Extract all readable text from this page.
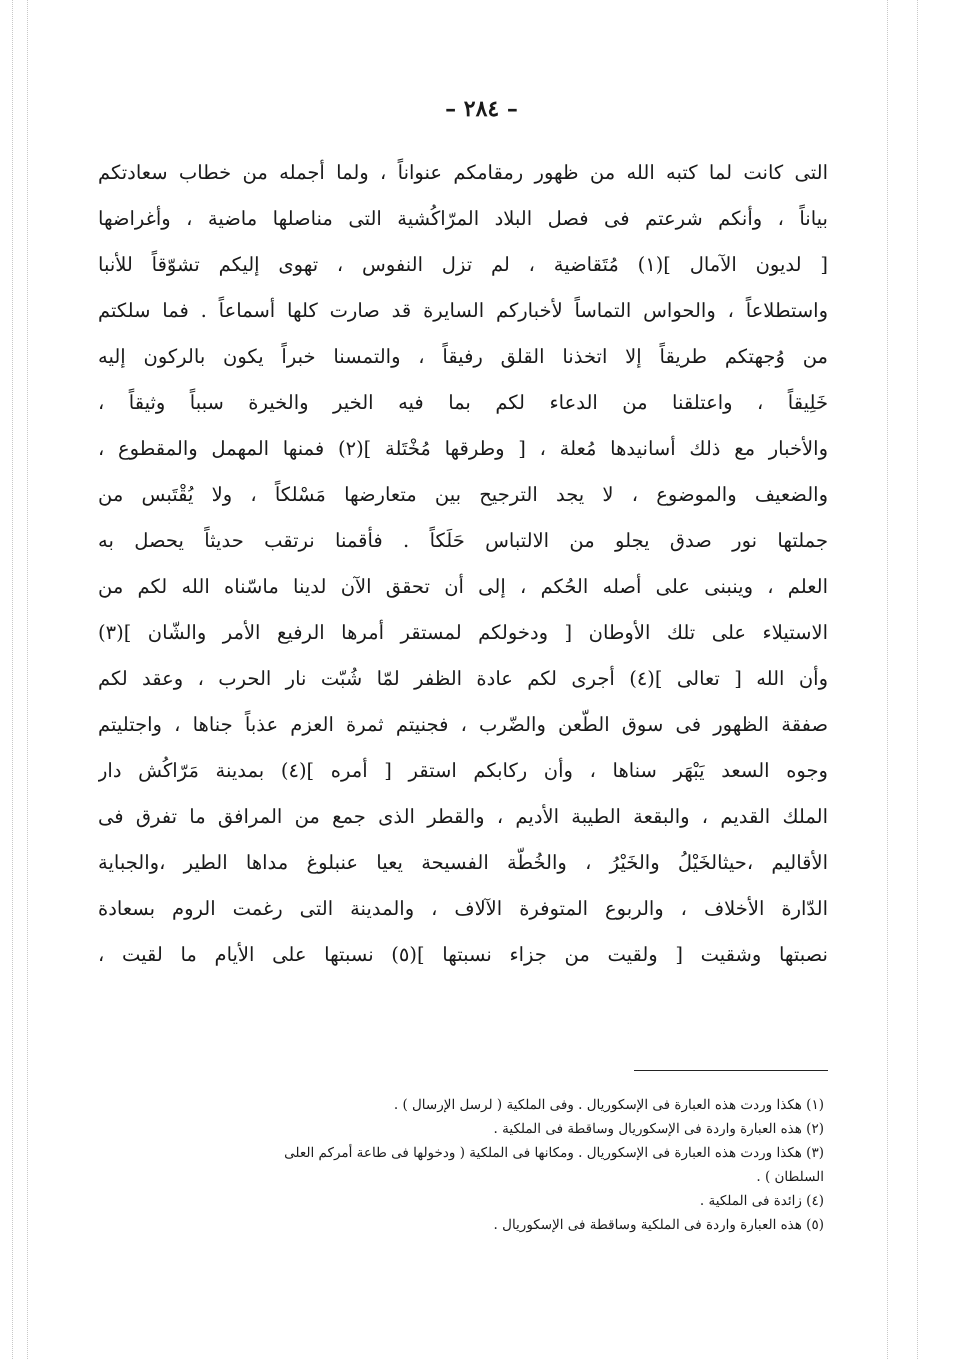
– ٢٨٤ –
التى كانت لما كتبه الله من ظهور رمقامكم عنواناً ، ولما أجمله من خطاب سعادتكم
بياناً ، وأنكم شرعتم فى فصل البلاد المرّاكُشية التى مناصلها ماضية ، وأغراضها
[ لديون الآمال ](١) مُتَقاضية ، لم تزل النفوس ، تهوى إليكم تشوّقاً للأنبا
واستطلاعاً ، والحواس التماساً لأخباركم السايرة قد صارت كلها أسماعاً . فما سلكتم
من وُجهتكم طريقاً إلا اتخذنا القلق رفيقاً ، والتمسنا خبراً يكون بالركون إليه
خَلِيقاً ، واعتلقنا من الدعاء لكم بما فيه الخير والخيرة سبباً وثيقاً ،
والأخبار مع ذلك أسانيدها مُعلة ، [ وطرقها مُخْتَلة ](٢) فمنها المهمل والمقطوع ،
والضعيف والموضوع ، لا يجد الترجيح بين متعارضها مَسْلكاً ، ولا يُقْتَبس من
جملتها نور صدق يجلو من الالتباس حَلَكاً . فأقمنا نرتقب حديثاً يحصل به
العلم ، وينبنى على أصله الحُكم ، إلى أن تحقق الآن لدينا ماسّناه الله لكم من
الاستيلاء على تلك الأوطان [ ودخولكم لمستقر أمرها الرفيع الأمر والشّان ](٣)
وأن الله [ تعالى ](٤) أجرى لكم عادة الظفر لمّا شُبّت نار الحرب ، وعقد لكم
صفقة الظهور فى سوق الطّعن والضّرب ، فجنيتم ثمرة العزم عذباً جناها ، واجتليتم
وجوه السعد يَبْهَر سناها ، وأن ركابكم استقر [ أمره ](٤) بمدينة مَرّاكُش دار
الملك القديم ، والبقعة الطيبة الأديم ، والقطر الذى جمع من المرافق ما تفرق فى
الأقاليم ،حيثالخَيْلُ والخَيْرُ ، والخُطّة الفسيحة يعيا عنبلوغ مداها الطير ،والجباية
الدّارة الأخلاف ، والربوع المتوفرة الآلاف ، والمدينة التى رغمت الروم بسعادة
نصبتها وشقيت [ ولقيت من جزاء نسبتها ](٥) نسبتها على الأيام ما لقيت ،
(١) هكذا وردت هذه العبارة فى الإسكوريال . وفى الملكية ( لرسل الإرسال ) .
(٢) هذه العبارة واردة فى الإسكوريال وساقطة فى الملكية .
(٣) هكذا وردت هذه العبارة فى الإسكوريال . ومكانها فى الملكية ( ودخولها فى طاعة أمركم العلى
السلطان ) .
(٤) زائدة فى الملكية .
(٥) هذه العبارة واردة فى الملكية وساقطة فى الإسكوريال .
